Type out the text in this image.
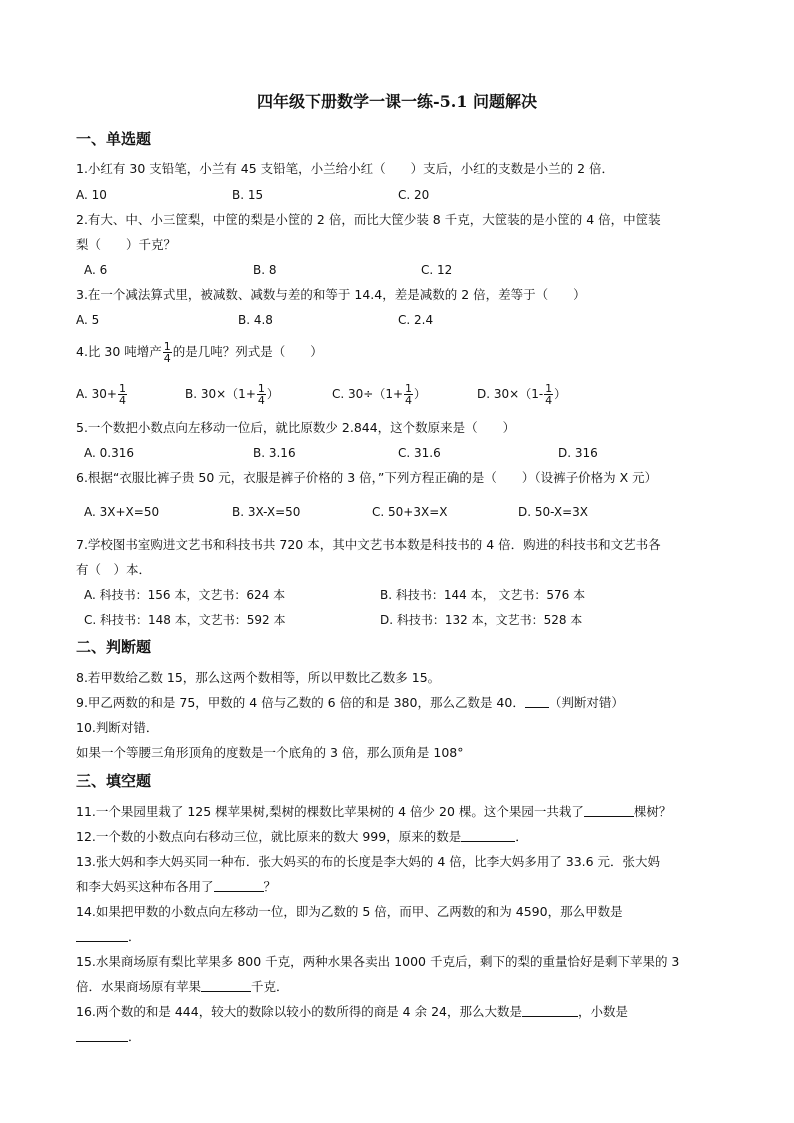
四年级下册数学一课一练-5.1 问题解决
一、单选题
1.小红有 30 支铅笔，小兰有 45 支铅笔，小兰给小红（　　）支后，小红的支数是小兰的 2 倍．
A. 10	B. 15	C. 20
2.有大、中、小三筐梨，中筐的梨是小筐的 2 倍，而比大筐少装 8 千克，大筐装的是小筐的 4 倍，中筐装
梨（　　）千克？
A. 6	B. 8	C. 12
3.在一个减法算式里，被减数、减数与差的和等于 14.4，差是减数的 2 倍，差等于（　　）
A. 5	B. 4.8	C. 2.4
4.比 30 吨增产 $\frac{1}{4}$ 的是几吨？列式是（　　）
A. $30+ \frac{1}{4}$	B. $30\times(1+ \frac{1}{4}$ ）	C. $30\div(1+ \frac{1}{4}$ ）	D. $30\times(1- \frac{1}{4}$ ）
5.一个数把小数点向左移动一位后，就比原数少 2.844，这个数原来是（　　）
A. 0.316	B. 3.16	C. 31.6	D. 316
6.根据“衣服比裤子贵 50 元，衣服是裤子价格的 3 倍，”下列方程正确的是（　　）（设裤子价格为 X 元）
A. 3X+X=50	B. 3X-X=50	C. 50+3X=X	D. 50-X=3X
7.学校图书室购进文艺书和科技书共 720 本，其中文艺书本数是科技书的 4 倍．购进的科技书和文艺书各
有（　）本．
A. 科技书：156 本，文艺书：624 本	B. 科技书：144 本， 文艺书：576 本
C. 科技书：148 本，文艺书：592 本	D. 科技书：132 本，文艺书：528 本
二、判断题
8.若甲数给乙数 15，那么这两个数相等，所以甲数比乙数多 15。
9.甲乙两数的和是 75，甲数的 4 倍与乙数的 6 倍的和是 380，那么乙数是 40． （判断对错）
10.判断对错．
如果一个等腰三角形顶角的度数是一个底角的 3 倍，那么顶角是 108°
三、填空题
11.一个果园里栽了 125 棵苹果树,梨树的棵数比苹果树的 4 倍少 20 棵。这个果园一共栽了	棵树？
12.一个数的小数点向右移动三位，就比原来的数大 999，原来的数是	．
13.张大妈和李大妈买同一种布．张大妈买的布的长度是李大妈的 4 倍，比李大妈多用了 33.6 元．张大妈
和李大妈买这种布各用了	？
14.如果把甲数的小数点向左移动一位，即为乙数的 5 倍，而甲、乙两数的和为 4590，那么甲数是
．
15.水果商场原有梨比苹果多 800 千克，两种水果各卖出 1000 千克后，剩下的梨的重量恰好是剩下苹果的 3
倍．水果商场原有苹果	千克．
16.两个数的和是 444，较大的数除以较小的数所得的商是 4 余 24，那么大数是	，小数是
．
